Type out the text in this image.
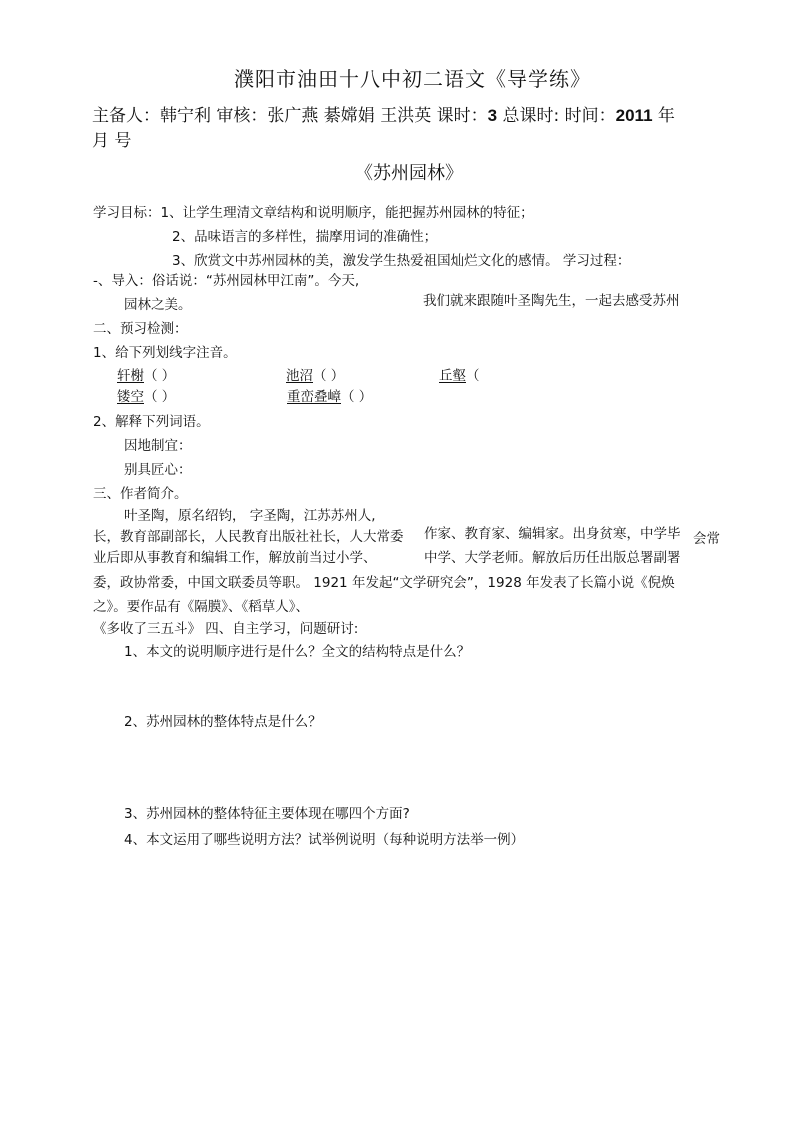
濮阳市油田十八中初二语文《导学练》
主备人：韩宁利 审核：张广燕 綦嫦娟 王洪英 课时：3 总课时: 时间：2011 年
月 号
《苏州园林》
学习目标：1、让学生理清文章结构和说明顺序，能把握苏州园林的特征；
2、品味语言的多样性，揣摩用词的准确性；
3、欣赏文中苏州园林的美，激发学生热爱祖国灿烂文化的感情。 学习过程：
-、导入：俗话说：“苏州园林甲江南”。今天,
园林之美。	我们就来跟随叶圣陶先生，一起去感受苏州
二、预习检测：
1、给下列划线字注音。
轩榭（ ）	池沼（ ）	丘壑（
镂空（ ）	重峦叠嶂（ ）
2、解释下列词语。
因地制宜：
别具匠心：
三、作者简介。
叶圣陶，原名绍钧， 字圣陶，江苏苏州人,
长，教育部副部长，人民教育出版社社长，人大常委 作家、教育家、编辑家。出身贫寒，中学毕 会常
业后即从事教育和编辑工作，解放前当过小学、	中学、大学老师。解放后历任出版总署副署
委，政协常委，中国文联委员等职。 1921 年发起“文学研究会”，1928 年发表了长篇小说《倪焕
之》。要作品有《隔膜》、《稻草人》、
《多收了三五斗》 四、自主学习，问题研讨:
1、本文的说明顺序进行是什么？全文的结构特点是什么？
2、苏州园林的整体特点是什么？
3、苏州园林的整体特征主要体现在哪四个方面?
4、本文运用了哪些说明方法？试举例说明（每种说明方法举一例）
